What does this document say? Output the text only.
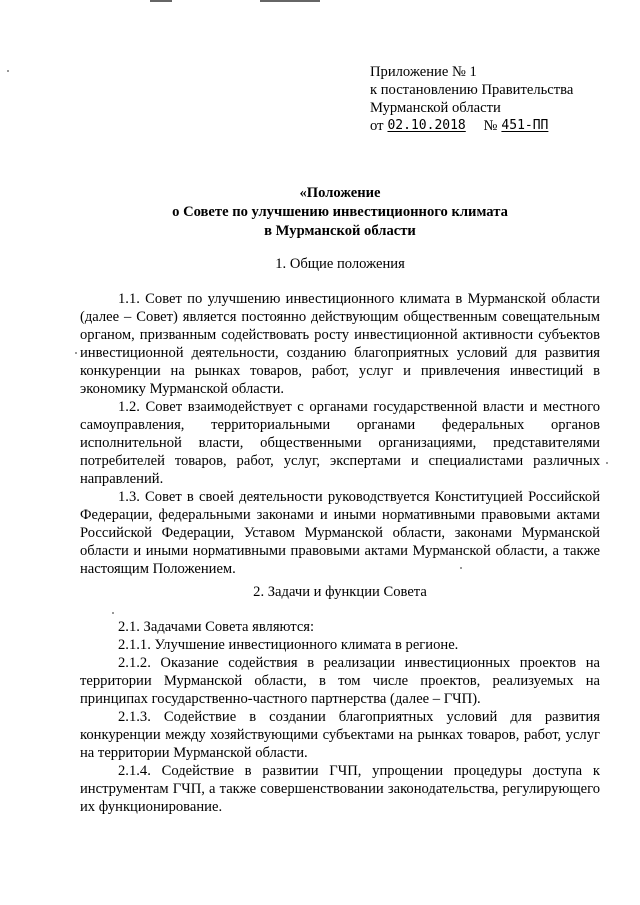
Приложение № 1
к постановлению Правительства
Мурманской области
от 02.10.2018	№ 451-ПП
«Положение
о Совете по улучшению инвестиционного климата
в Мурманской области
1. Общие положения

1.1. Совет по улучшению инвестиционного климата в Мурманской области (далее – Совет) является постоянно действующим общественным совещательным органом, призванным содействовать росту инвестиционной активности субъектов инвестиционной деятельности, созданию благоприятных условий для развития конкуренции на рынках товаров, работ, услуг и привлечения инвестиций в экономику Мурманской области.

1.2. Совет взаимодействует с органами государственной власти и местного самоуправления, территориальными органами федеральных органов исполнительной власти, общественными организациями, представителями потребителей товаров, работ, услуг, экспертами и специалистами различных направлений.

1.3. Совет в своей деятельности руководствуется Конституцией Российской Федерации, федеральными законами и иными нормативными правовыми актами Российской Федерации, Уставом Мурманской области, законами Мурманской области и иными нормативными правовыми актами Мурманской области, а также настоящим Положением.

2. Задачи и функции Совета

2.1. Задачами Совета являются:

2.1.1. Улучшение инвестиционного климата в регионе.

2.1.2. Оказание содействия в реализации инвестиционных проектов на территории Мурманской области, в том числе проектов, реализуемых на принципах государственно-частного партнерства (далее – ГЧП).

2.1.3. Содействие в создании благоприятных условий для развития конкуренции между хозяйствующими субъектами на рынках товаров, работ, услуг на территории Мурманской области.

2.1.4. Содействие в развитии ГЧП, упрощении процедуры доступа к инструментам ГЧП, а также совершенствовании законодательства, регулирующего их функционирование.
